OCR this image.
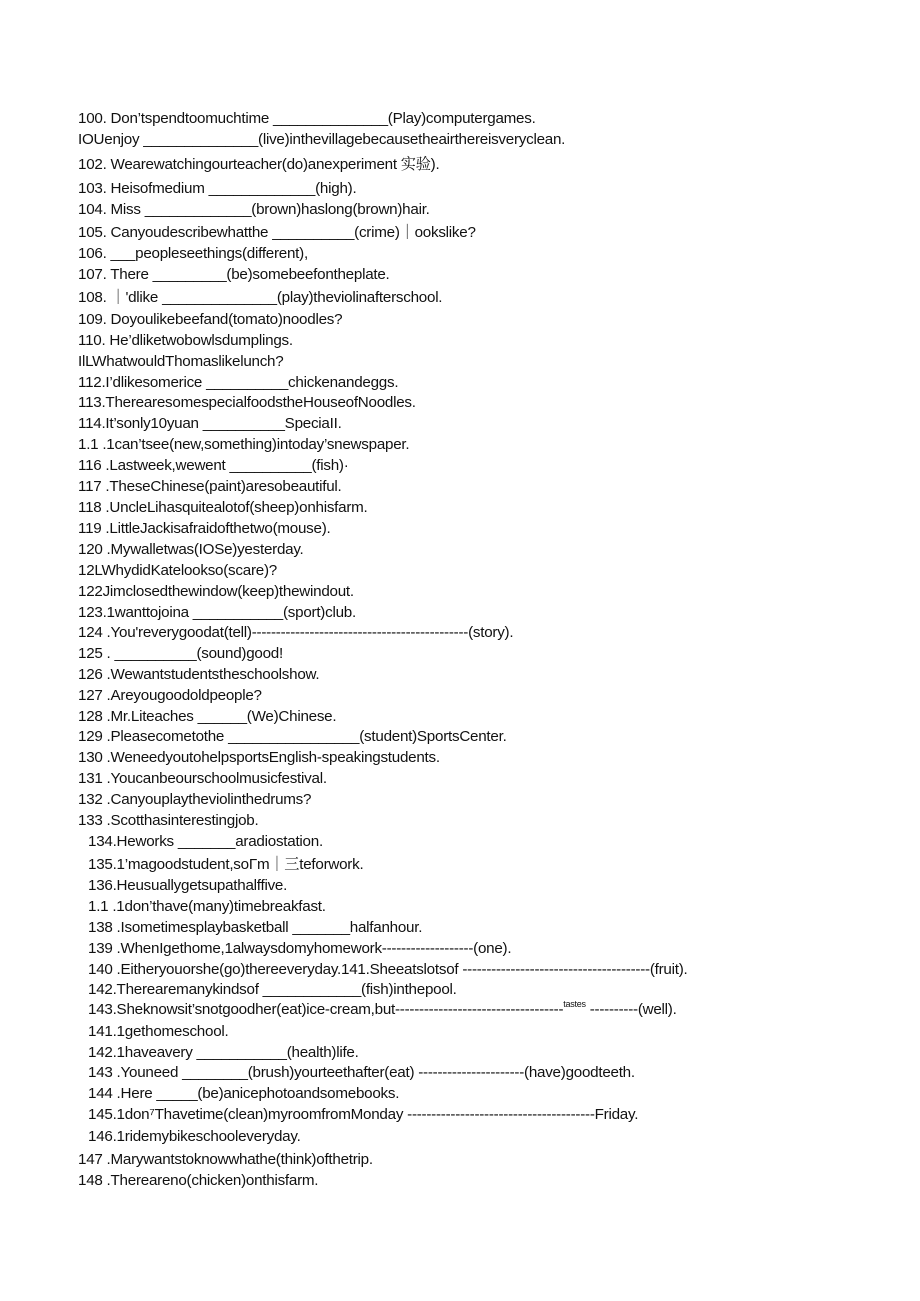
100. Don’tspendtoomuchtime ______________(Play)computergames.
IOUenjoy ______________(live)inthevillagebecausetheairthereisveryclean.
102. Wearewatchingourteacher(do)anexperiment 实验).
103. Heisofmedium _____________(high).
104. Miss _____________(brown)haslong(brown)hair.
105. Canyoudescribewhatthe __________(crime)｜ookslike?
106. ___peopleseethings(different),
107. There _________(be)somebeefontheplate.
108. ｜'dlike ______________(play)theviolinafterschool.
109. Doyoulikebeefand(tomato)noodles?
110. He’dliketwobowlsdumplings.
IlLWhatwouldThomaslikelunch?
112.I’dlikesomerice __________chickenandeggs.
113.TherearesomespecialfoodstheHouseofNoodles.
114.It’sonly10yuan __________SpeciaII.
1.1 .1can’tsee(new,something)intoday’snewspaper.
116 .Lastweek,wewent __________(fish)·
117 .TheseChinese(paint)aresobeautiful.
118 .UncleLihasquitealotof(sheep)onhisfarm.
119 .LittleJackisafraidofthetwo(mouse).
120 .Mywalletwas(IOSe)yesterday.
12LWhydidKatelookso(scare)?
122Jimclosedthewindow(keep)thewindout.
123.1wanttojoina ___________(sport)club.
124 .You'reverygoodat(tell)---------------------------------------------(story).
125 . __________(sound)good!
126 .Wewantstudentstheschoolshow.
127 .Areyougoodoldpeople?
128 .Mr.Liteaches ______(We)Chinese.
129 .Pleasecometothe ________________(student)SportsCenter.
130 .WeneedyoutohelpsportsEnglish-speakingstudents.
131 .Youcanbeourschoolmusicfestival.
132 .Canyouplaytheviolinthedrums?
133 .Scotthasinterestingjob.
134.Heworks _______aradiostation.
135.1’magoodstudent,soΓm｜三teforwork.
136.Heusuallygetsupathalffive.
1.1 .1don’thave(many)timebreakfast.
138 .Isometimesplaybasketball _______halfanhour.
139 .WhenIgethome,1alwaysdomyhomework-------------------(one).
140 .Eitheryouorshe(go)thereeveryday.141.Sheeatslotsof ---------------------------------------(fruit).
142.Therearemanykindsof ____________(fish)inthepool.
143.Sheknowsit’snotgoodher(eat)ice-cream,but-----------------------------------$^{tastes}$ ----------(well).
141.1gethomeschool.
142.1haveavery ___________(health)life.
143 .Youneed ________(brush)yourteethafter(eat) ----------------------(have)goodteeth.
144 .Here _____(be)anicephotoandsomebooks.
145.1don⁷Thavetime(clean)myroomfromMonday ---------------------------------------Friday.
146.1ridemybikeschooleveryday.
147 .Marywantstoknowwhathe(think)ofthetrip.
148 .Therearen‌o(chicken)onthisfarm.
